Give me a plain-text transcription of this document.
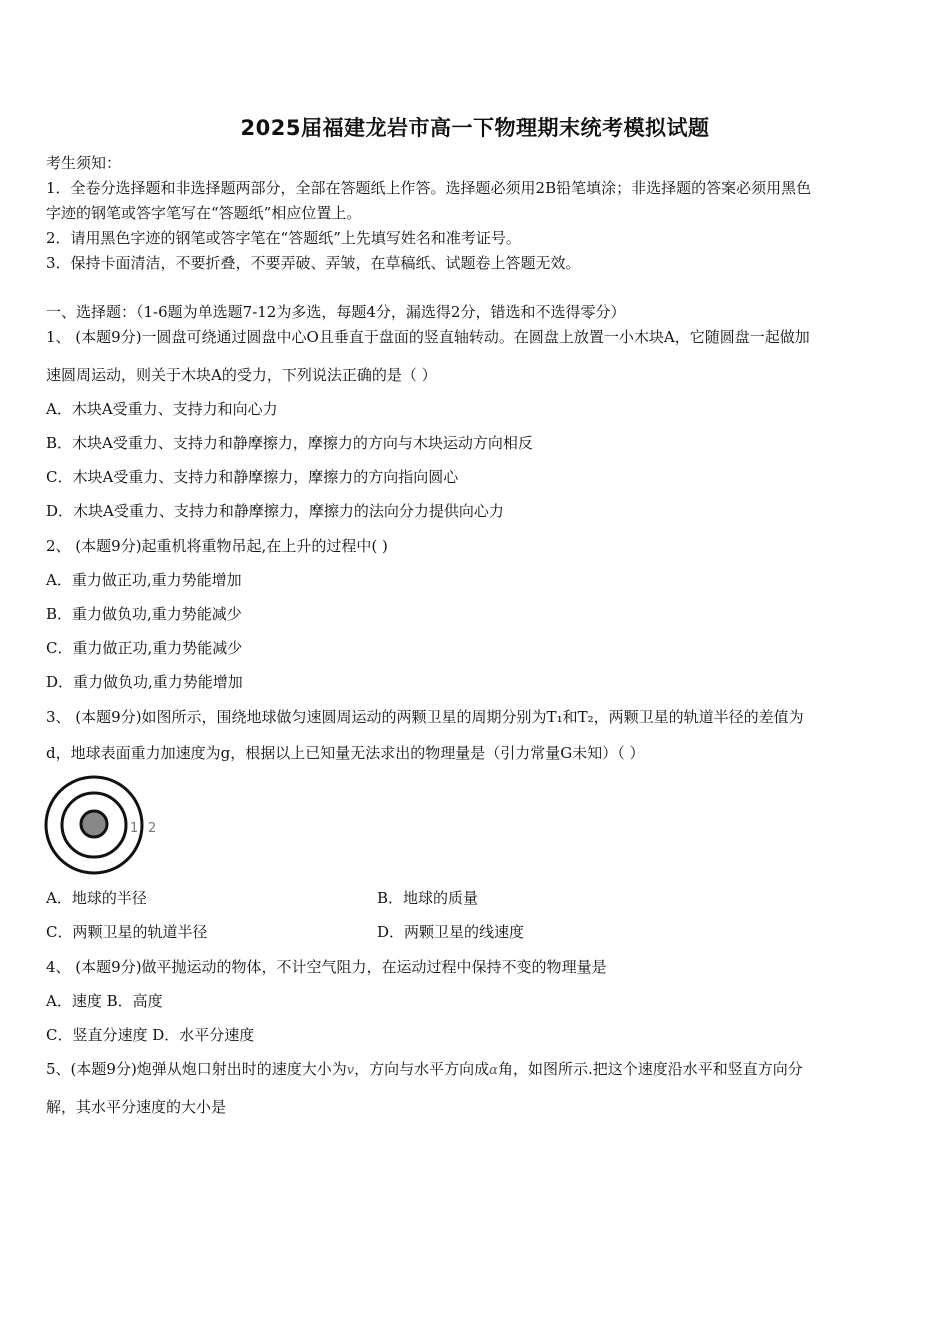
2025届福建龙岩市高一下物理期末统考模拟试题
考生须知：
1．全卷分选择题和非选择题两部分，全部在答题纸上作答。选择题必须用2B铅笔填涂；非选择题的答案必须用黑色
字迹的钢笔或答字笔写在“答题纸”相应位置上。
2．请用黑色字迹的钢笔或答字笔在“答题纸”上先填写姓名和准考证号。
3．保持卡面清洁，不要折叠，不要弄破、弄皱，在草稿纸、试题卷上答题无效。
一、选择题：（1-6题为单选题7-12为多选，每题4分，漏选得2分，错选和不选得零分）
1、 (本题9分)一圆盘可绕通过圆盘中心O且垂直于盘面的竖直轴转动。在圆盘上放置一小木块A，它随圆盘一起做加
速圆周运动，则关于木块A的受力，下列说法正确的是（ ）
A．木块A受重力、支持力和向心力
B．木块A受重力、支持力和静摩擦力，摩擦力的方向与木块运动方向相反
C．木块A受重力、支持力和静摩擦力，摩擦力的方向指向圆心
D．木块A受重力、支持力和静摩擦力，摩擦力的法向分力提供向心力
2、 (本题9分)起重机将重物吊起,在上升的过程中( )
A．重力做正功,重力势能增加
B．重力做负功,重力势能减少
C．重力做正功,重力势能减少
D．重力做负功,重力势能增加
3、 (本题9分)如图所示，围绕地球做匀速圆周运动的两颗卫星的周期分别为T₁和T₂，两颗卫星的轨道半径的差值为
d，地球表面重力加速度为g，根据以上已知量无法求出的物理量是（引力常量G未知）（ ）
1 2
A．地球的半径	B．地球的质量
C．两颗卫星的轨道半径	D．两颗卫星的线速度
4、 (本题9分)做平抛运动的物体，不计空气阻力，在运动过程中保持不变的物理量是
A．速度 B．高度
C．竖直分速度 D．水平分速度
5、(本题9分)炮弹从炮口射出时的速度大小为v，方向与水平方向成α角，如图所示.把这个速度沿水平和竖直方向分
解，其水平分速度的大小是
